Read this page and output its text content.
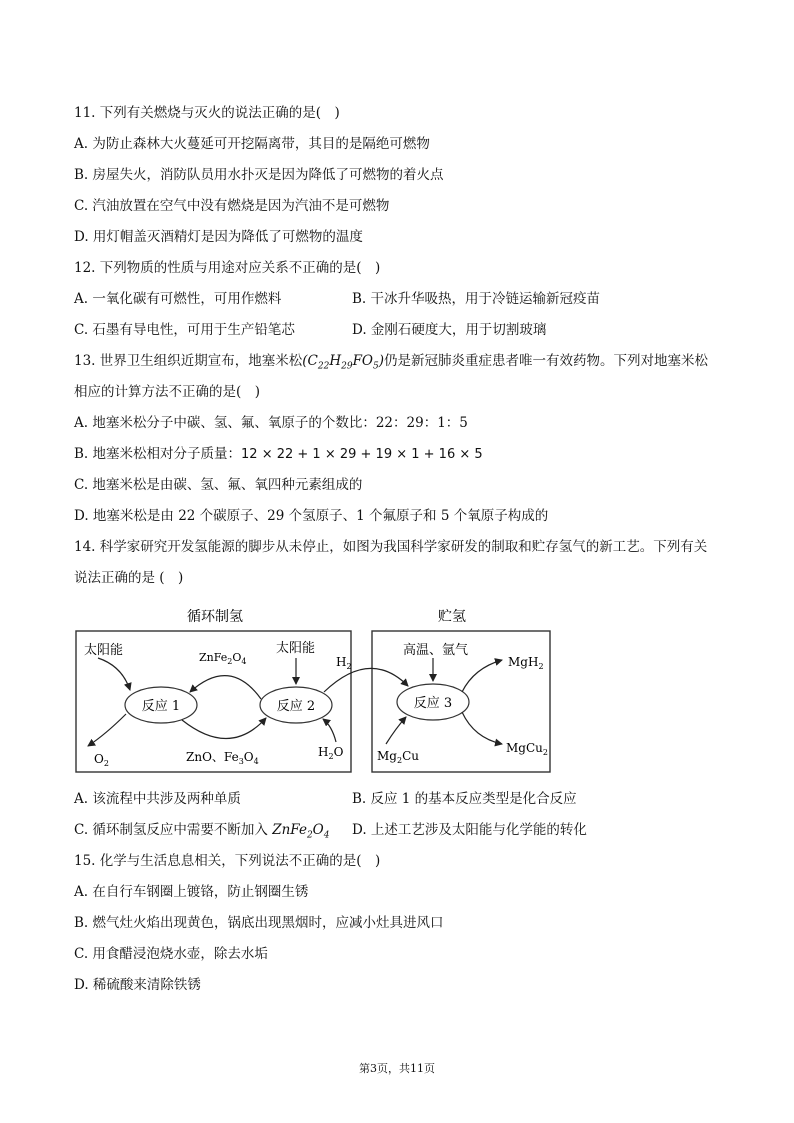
11. 下列有关燃烧与灭火的说法正确的是(　)
A. 为防止森林大火蔓延可开挖隔离带，其目的是隔绝可燃物
B. 房屋失火，消防队员用水扑灭是因为降低了可燃物的着火点
C. 汽油放置在空气中没有燃烧是因为汽油不是可燃物
D. 用灯帽盖灭酒精灯是因为降低了可燃物的温度
12. 下列物质的性质与用途对应关系不正确的是(　)
A. 一氧化碳有可燃性，可用作燃料	B. 干冰升华吸热，用于冷链运输新冠疫苗
C. 石墨有导电性，可用于生产铅笔芯	D. 金刚石硬度大，用于切割玻璃
13. 世界卫生组织近期宣布，地塞米松$(C_{22}H_{29}FO_5)$仍是新冠肺炎重症患者唯一有效药物。下列对地塞米松
相应的计算方法不正确的是(　)
A. 地塞米松分子中碳、氢、氟、氧原子的个数比：22：29：1：5
B. 地塞米松相对分子质量：12 × 22 + 1 × 29 + 19 × 1 + 16 × 5
C. 地塞米松是由碳、氢、氟、氧四种元素组成的
D. 地塞米松是由 22 个碳原子、29 个氢原子、1 个氟原子和 5 个氧原子构成的
14. 科学家研究开发氢能源的脚步从未停止，如图为我国科学家研发的制取和贮存氢气的新工艺。下列有关
说法正确的是 (　)
循环制氢	贮氢
反应 1	反应 2	反应 3
太阳能	太阳能
$ZnFe_2O_4$	$H_2$
高温、氩气
MgH$_2$
$O_2$	ZnO、$Fe_3O_4$
$H_2O$	$Mg_2Cu$
MgCu$_2$
A. 该流程中共涉及两种单质	B. 反应 1 的基本反应类型是化合反应
C. 循环制氢反应中需要不断加入 $ZnFe_2O_4$ D. 上述工艺涉及太阳能与化学能的转化
15. 化学与生活息息相关，下列说法不正确的是(　)
A. 在自行车钢圈上镀铬，防止钢圈生锈
B. 燃气灶火焰出现黄色，锅底出现黑烟时，应减小灶具进风口
C. 用食醋浸泡烧水壶，除去水垢
D. 稀硫酸来清除铁锈
第3页，共11页
